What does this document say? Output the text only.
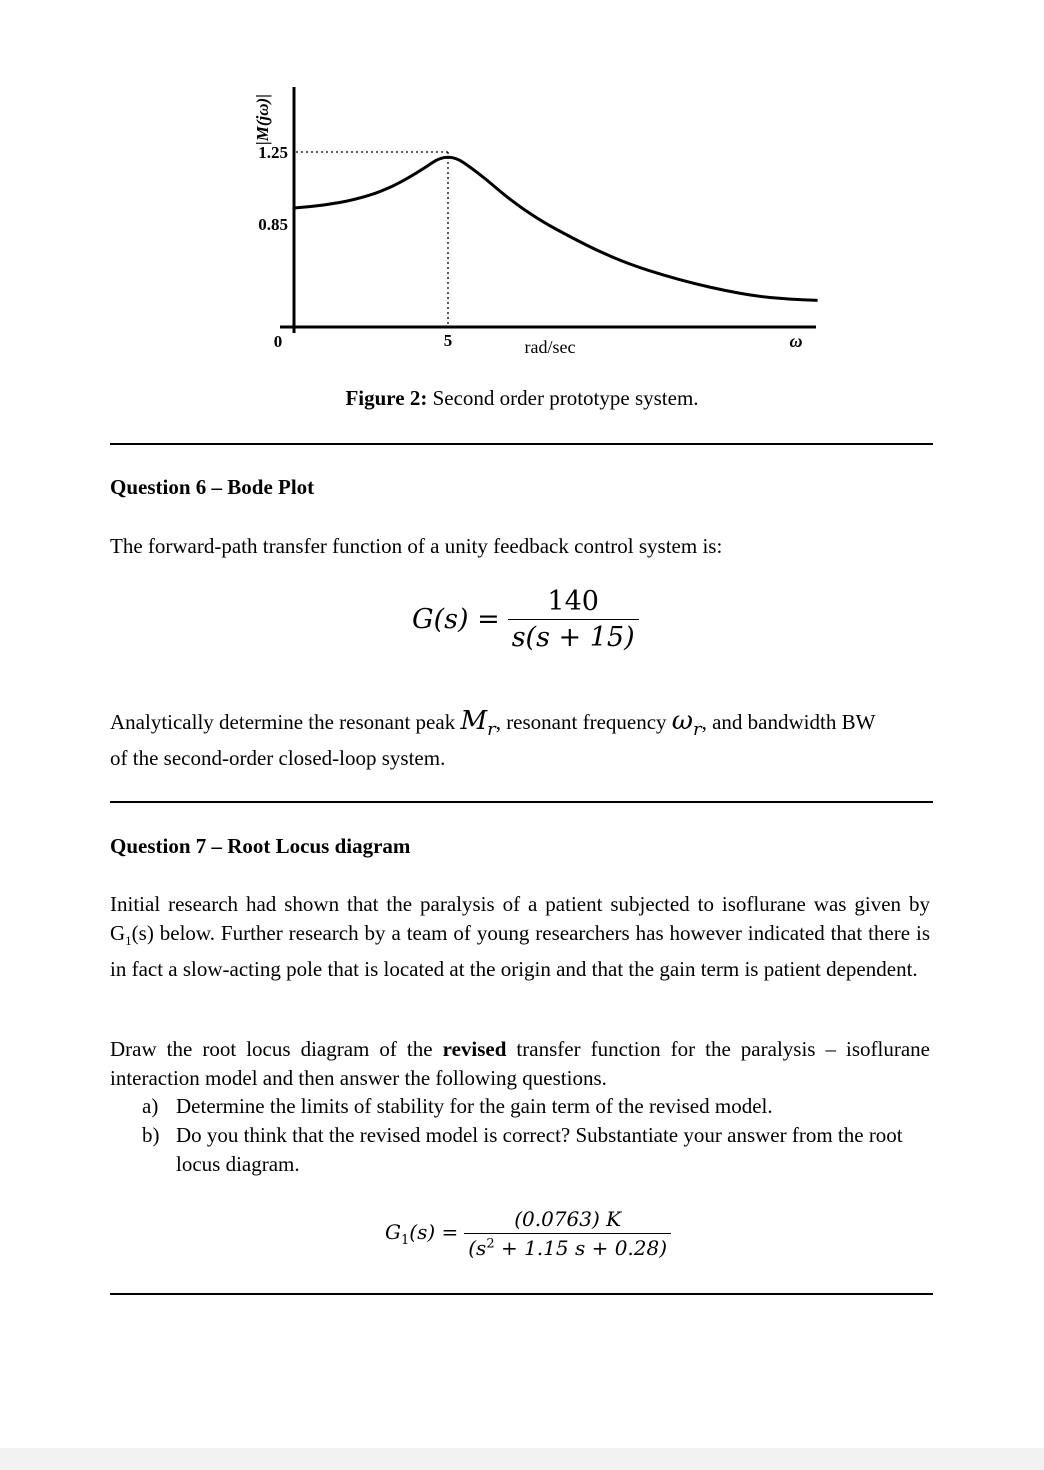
|M(jω)|
1.25
0.85
0	5	rad/sec	ω
Figure 2: Second order prototype system.
Question 6 – Bode Plot
The forward-path transfer function of a unity feedback control system is:
$G(s) = \frac{140}{s(s + 15)}$
Analytically determine the resonant peak $M_r$, resonant frequency $\omega_r$, and bandwidth BW
of the second-order closed-loop system.
Question 7 – Root Locus diagram
Initial research had shown that the paralysis of a patient subjected to isoflurane was given by $G_1(s)$ below. Further research by a team of young researchers has however indicated that there is in fact a slow-acting pole that is located at the origin and that the gain term is patient dependent.
Draw the root locus diagram of the revised transfer function for the paralysis – isoflurane interaction model and then answer the following questions.
a) Determine the limits of stability for the gain term of the revised model.
b) Do you think that the revised model is correct? Substantiate your answer from the root locus diagram.
$G_1(s) = \frac{(0.0763) K}{(s^2 + 1.15 s + 0.28)}$
